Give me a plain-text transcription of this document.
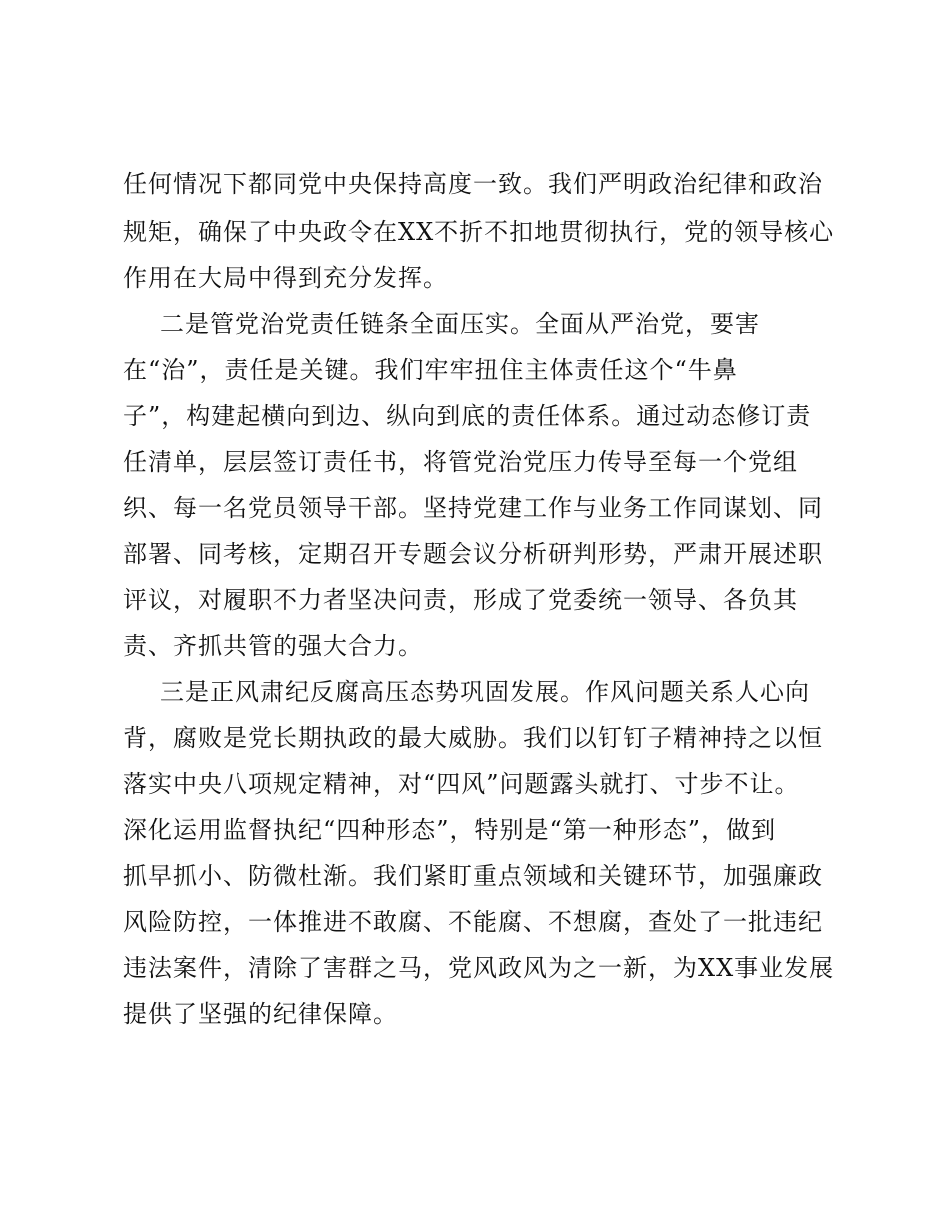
任何情况下都同党中央保持高度一致。我们严明政治纪律和政治
规矩，确保了中央政令在XX不折不扣地贯彻执行，党的领导核心
作用在大局中得到充分发挥。
二是管党治党责任链条全面压实。全面从严治党，要害
在“治”，责任是关键。我们牢牢扭住主体责任这个“牛鼻
子”，构建起横向到边、纵向到底的责任体系。通过动态修订责
任清单，层层签订责任书，将管党治党压力传导至每一个党组
织、每一名党员领导干部。坚持党建工作与业务工作同谋划、同
部署、同考核，定期召开专题会议分析研判形势，严肃开展述职
评议，对履职不力者坚决问责，形成了党委统一领导、各负其
责、齐抓共管的强大合力。
三是正风肃纪反腐高压态势巩固发展。作风问题关系人心向
背，腐败是党长期执政的最大威胁。我们以钉钉子精神持之以恒
落实中央八项规定精神，对“四风”问题露头就打、寸步不让。
深化运用监督执纪“四种形态”，特别是“第一种形态”，做到
抓早抓小、防微杜渐。我们紧盯重点领域和关键环节，加强廉政
风险防控，一体推进不敢腐、不能腐、不想腐，查处了一批违纪
违法案件，清除了害群之马，党风政风为之一新，为XX事业发展
提供了坚强的纪律保障。
